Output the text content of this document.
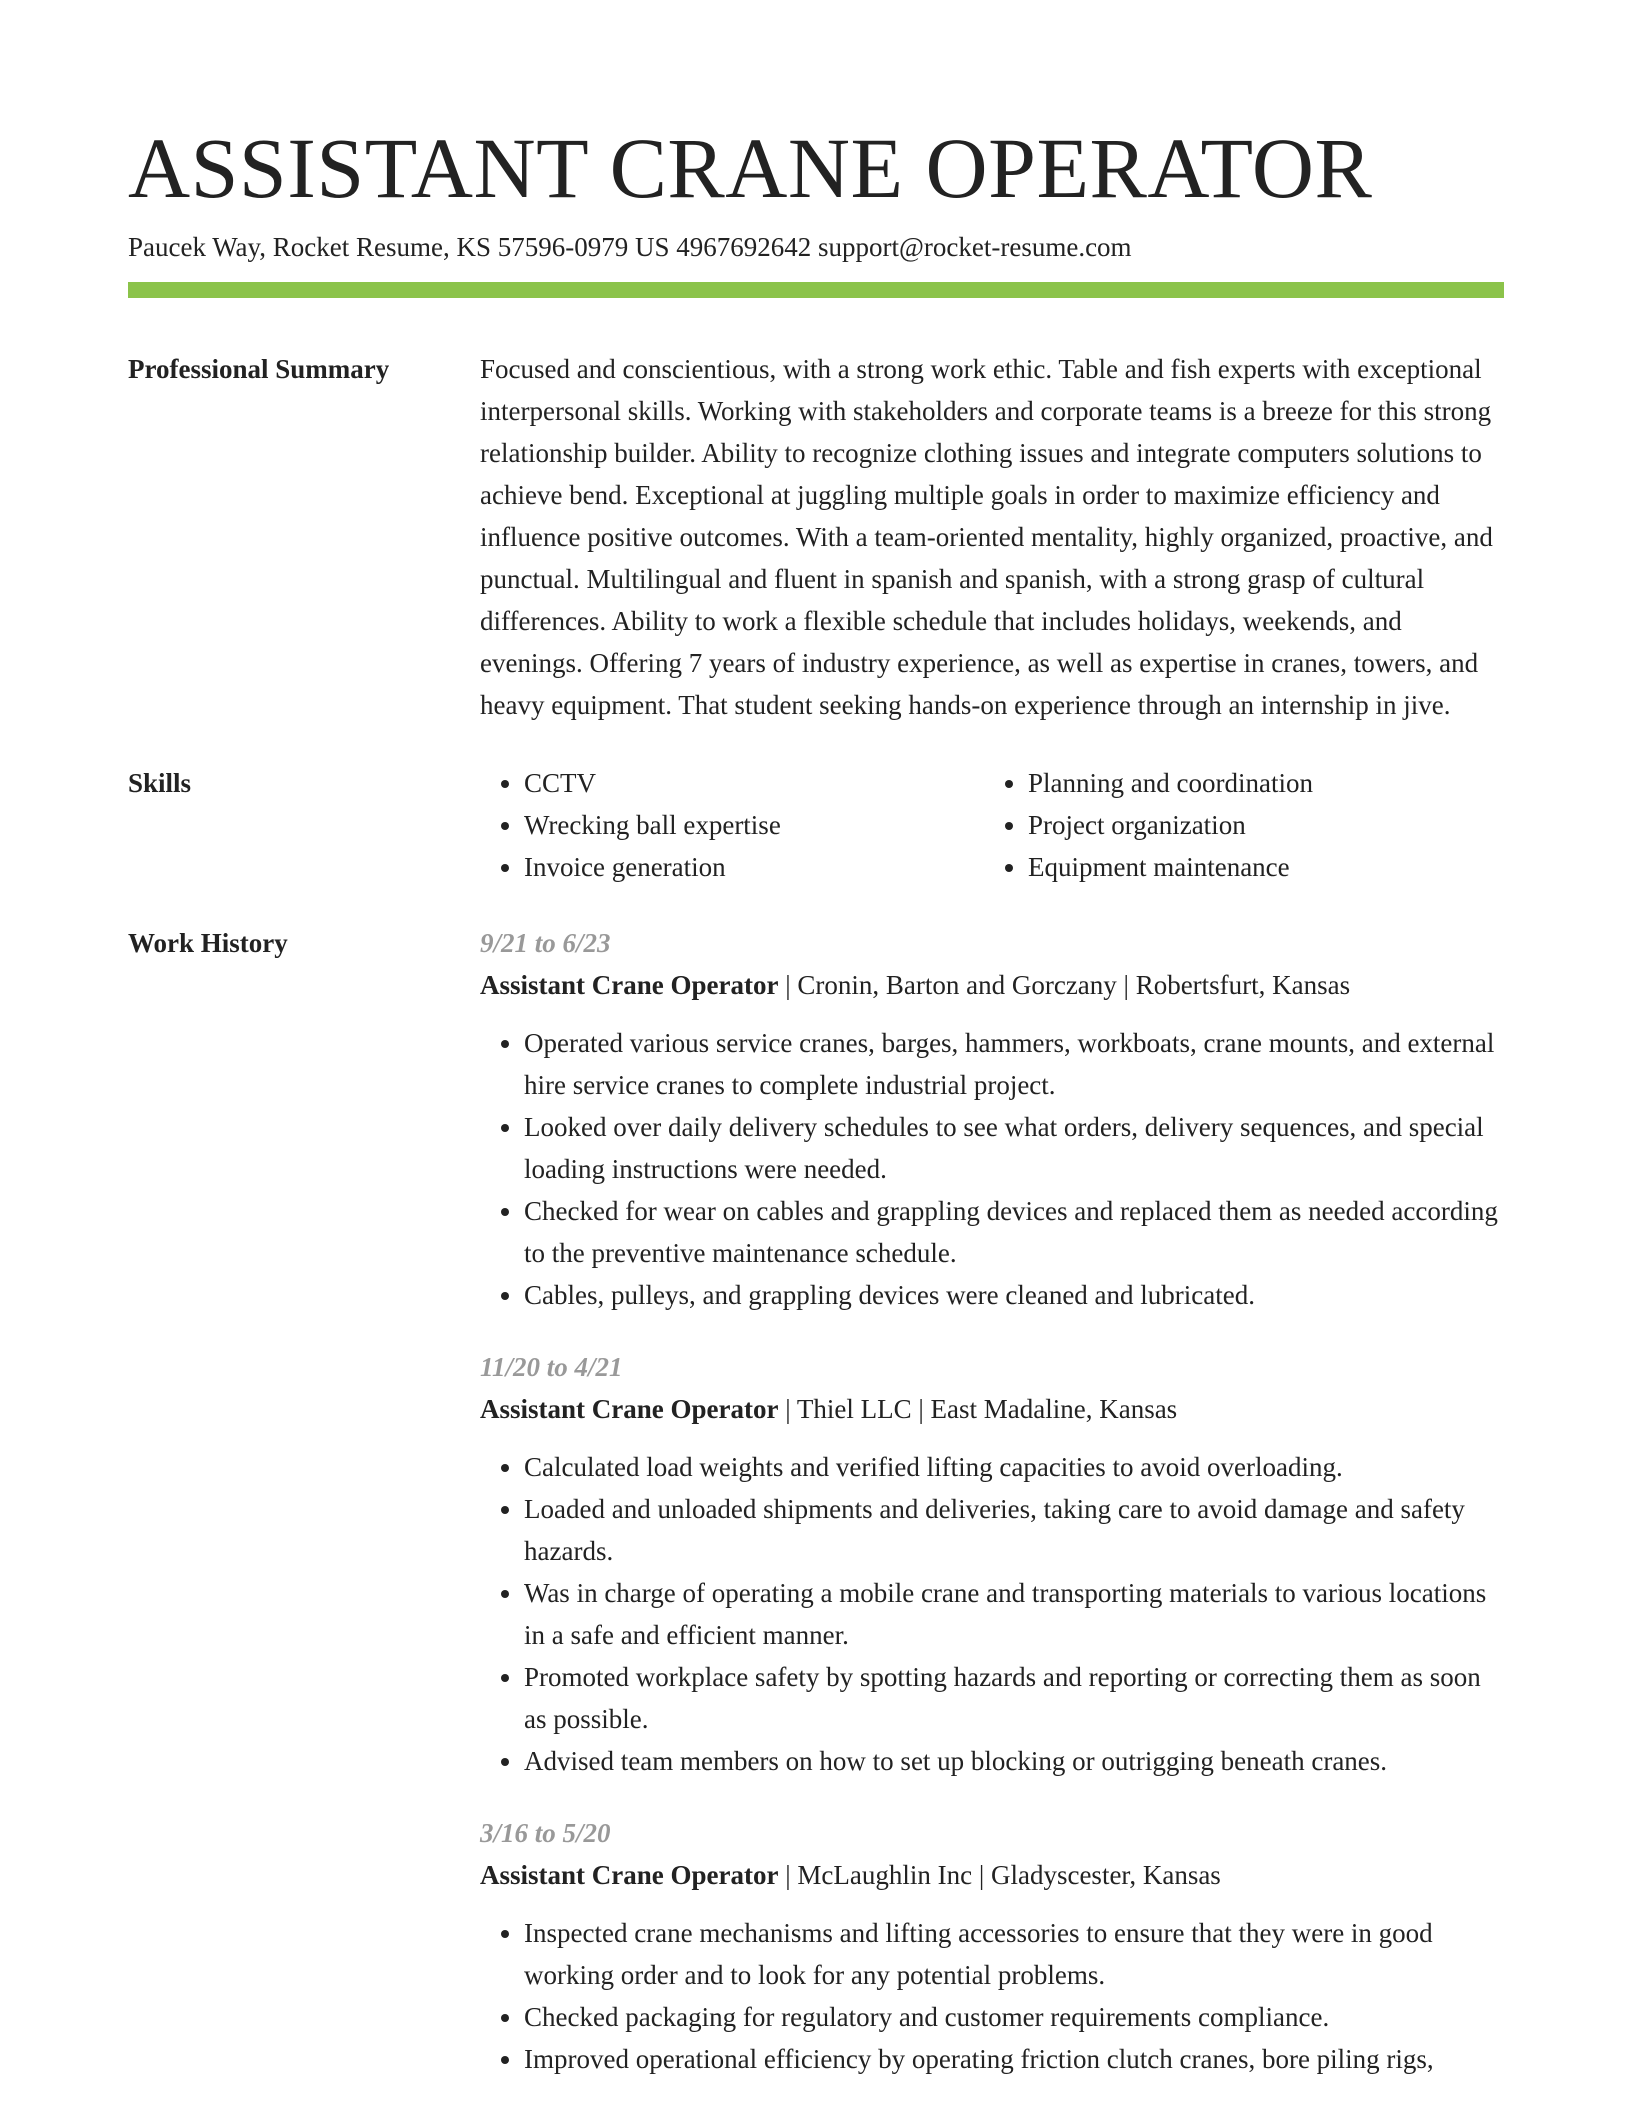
ASSISTANT CRANE OPERATOR
Paucek Way, Rocket Resume, KS 57596-0979 US 4967692642 support@rocket-resume.com
Professional Summary	Focused and conscientious, with a strong work ethic. Table and fish experts with exceptional interpersonal skills. Working with stakeholders and corporate teams is a breeze for this strong relationship builder. Ability to recognize clothing issues and integrate computers solutions to achieve bend. Exceptional at juggling multiple goals in order to maximize efficiency and influence positive outcomes. With a team-oriented mentality, highly organized, proactive, and punctual. Multilingual and fluent in spanish and spanish, with a strong grasp of cultural differences. Ability to work a flexible schedule that includes holidays, weekends, and evenings. Offering 7 years of industry experience, as well as expertise in cranes, towers, and heavy equipment. That student seeking hands-on experience through an internship in jive.

Skills
•	CCTV
• Wrecking ball expertise
• Invoice generation
• Planning and coordination
• Project organization
• Equipment maintenance
Work History	9/21 to 6/23
Assistant Crane Operator | Cronin, Barton and Gorczany | Robertsfurt, Kansas
• Operated various service cranes, barges, hammers, workboats, crane mounts, and external hire service cranes to complete industrial project.
• Looked over daily delivery schedules to see what orders, delivery sequences, and special loading instructions were needed.
• Checked for wear on cables and grappling devices and replaced them as needed according to the preventive maintenance schedule.
• Cables, pulleys, and grappling devices were cleaned and lubricated.
11/20 to 4/21
Assistant Crane Operator | Thiel LLC | East Madaline, Kansas
• Calculated load weights and verified lifting capacities to avoid overloading.
• Loaded and unloaded shipments and deliveries, taking care to avoid damage and safety hazards.
• Was in charge of operating a mobile crane and transporting materials to various locations in a safe and efficient manner.
• Promoted workplace safety by spotting hazards and reporting or correcting them as soon as possible.
• Advised team members on how to set up blocking or outrigging beneath cranes.
3/16 to 5/20
Assistant Crane Operator | McLaughlin Inc | Gladyscester, Kansas
• Inspected crane mechanisms and lifting accessories to ensure that they were in good working order and to look for any potential problems.
• Checked packaging for regulatory and customer requirements compliance.
• Improved operational efficiency by operating friction clutch cranes, bore piling rigs,
